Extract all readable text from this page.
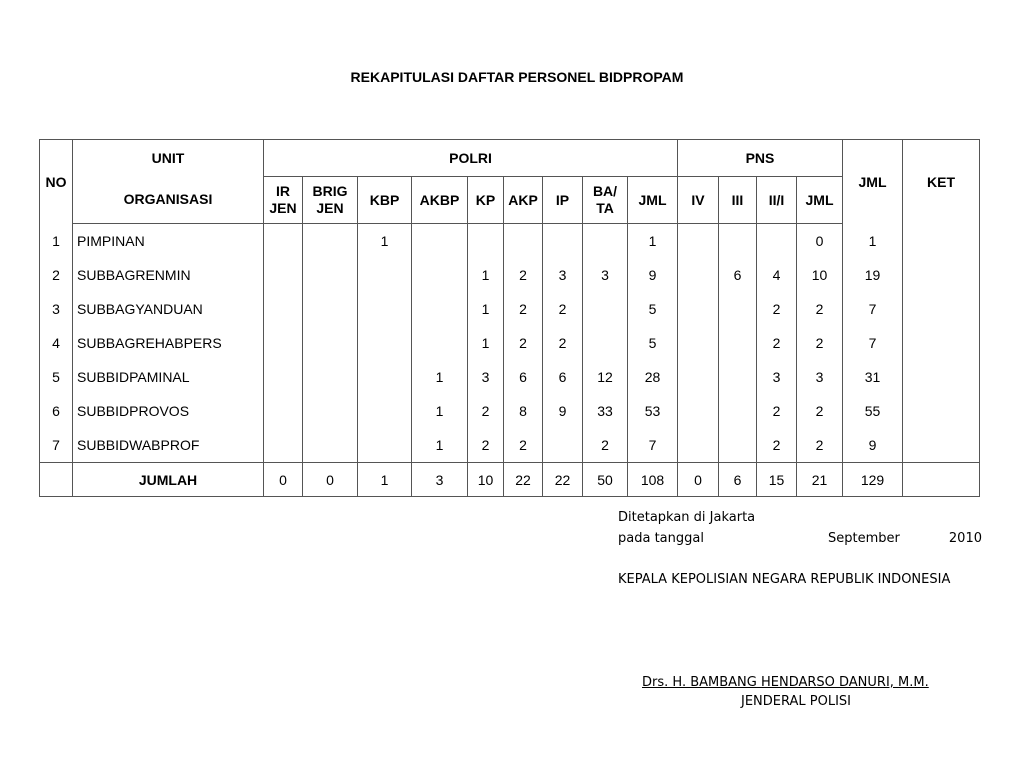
REKAPITULASI DAFTAR PERSONEL BIDPROPAM
NO	UNIT	POLRI									PNS				JML	KET
	ORGANISASI	IR JEN	BRIG JEN	KBP	AKBP	KP	AKP	IP	BA/ TA	JML	IV	III	II/I	JML		
1	PIMPINAN			1						1				0	1	
2	SUBBAGRENMIN					1	2	3	3	9		6	4	10	19	
3	SUBBAGYANDUAN					1	2	2		5			2	2	7	
4	SUBBAGREHABPERS					1	2	2		5			2	2	7	
5	SUBBIDPAMINAL				1	3	6	6	12	28			3	3	31	
6	SUBBIDPROVOS				1	2	8	9	33	53			2	2	55	
7	SUBBIDWABPROF				1	2	2		2	7			2	2	9	
	JUMLAH	0	0	1	3	10	22	22	50	108	0	6	15	21	129	
Ditetapkan di Jakarta
pada tanggal	September	2010
KEPALA KEPOLISIAN NEGARA REPUBLIK INDONESIA
Drs. H. BAMBANG HENDARSO DANURI, M.M.
JENDERAL POLISI
